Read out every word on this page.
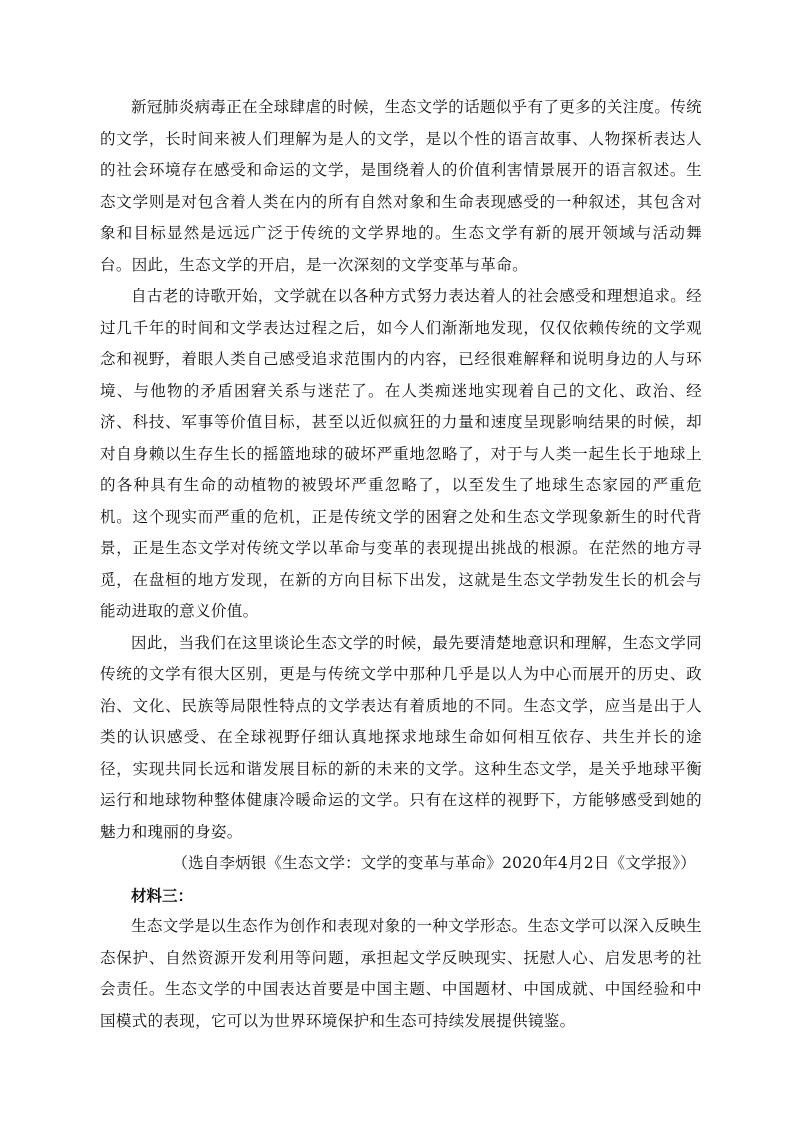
新冠肺炎病毒正在全球肆虐的时候，生态文学的话题似乎有了更多的关注度。传统的文学，长时间来被人们理解为是人的文学，是以个性的语言故事、人物探析表达人的社会环境存在感受和命运的文学，是围绕着人的价值利害情景展开的语言叙述。生态文学则是对包含着人类在内的所有自然对象和生命表现感受的一种叙述，其包含对象和目标显然是远远广泛于传统的文学界地的。生态文学有新的展开领域与活动舞台。因此，生态文学的开启，是一次深刻的文学变革与革命。

自古老的诗歌开始，文学就在以各种方式努力表达着人的社会感受和理想追求。经过几千年的时间和文学表达过程之后，如今人们渐渐地发现，仅仅依赖传统的文学观念和视野，着眼人类自己感受追求范围内的内容，已经很难解释和说明身边的人与环境、与他物的矛盾困窘关系与迷茫了。在人类痴迷地实现着自己的文化、政治、经济、科技、军事等价值目标，甚至以近似疯狂的力量和速度呈现影响结果的时候，却对自身赖以生存生长的摇篮地球的破坏严重地忽略了，对于与人类一起生长于地球上的各种具有生命的动植物的被毁坏严重忽略了，以至发生了地球生态家园的严重危机。这个现实而严重的危机，正是传统文学的困窘之处和生态文学现象新生的时代背景，正是生态文学对传统文学以革命与变革的表现提出挑战的根源。在茫然的地方寻觅，在盘桓的地方发现，在新的方向目标下出发，这就是生态文学勃发生长的机会与能动进取的意义价值。

因此，当我们在这里谈论生态文学的时候，最先要清楚地意识和理解，生态文学同传统的文学有很大区别，更是与传统文学中那种几乎是以人为中心而展开的历史、政治、文化、民族等局限性特点的文学表达有着质地的不同。生态文学，应当是出于人类的认识感受、在全球视野仔细认真地探求地球生命如何相互依存、共生并长的途径，实现共同长远和谐发展目标的新的未来的文学。这种生态文学，是关乎地球平衡运行和地球物种整体健康冷暖命运的文学。只有在这样的视野下，方能够感受到她的魅力和瑰丽的身姿。

（选自李炳银《生态文学：文学的变革与革命》2020年4月2日《文学报》）

材料三：

生态文学是以生态作为创作和表现对象的一种文学形态。生态文学可以深入反映生态保护、自然资源开发利用等问题，承担起文学反映现实、抚慰人心、启发思考的社会责任。生态文学的中国表达首要是中国主题、中国题材、中国成就、中国经验和中国模式的表现，它可以为世界环境保护和生态可持续发展提供镜鉴。
